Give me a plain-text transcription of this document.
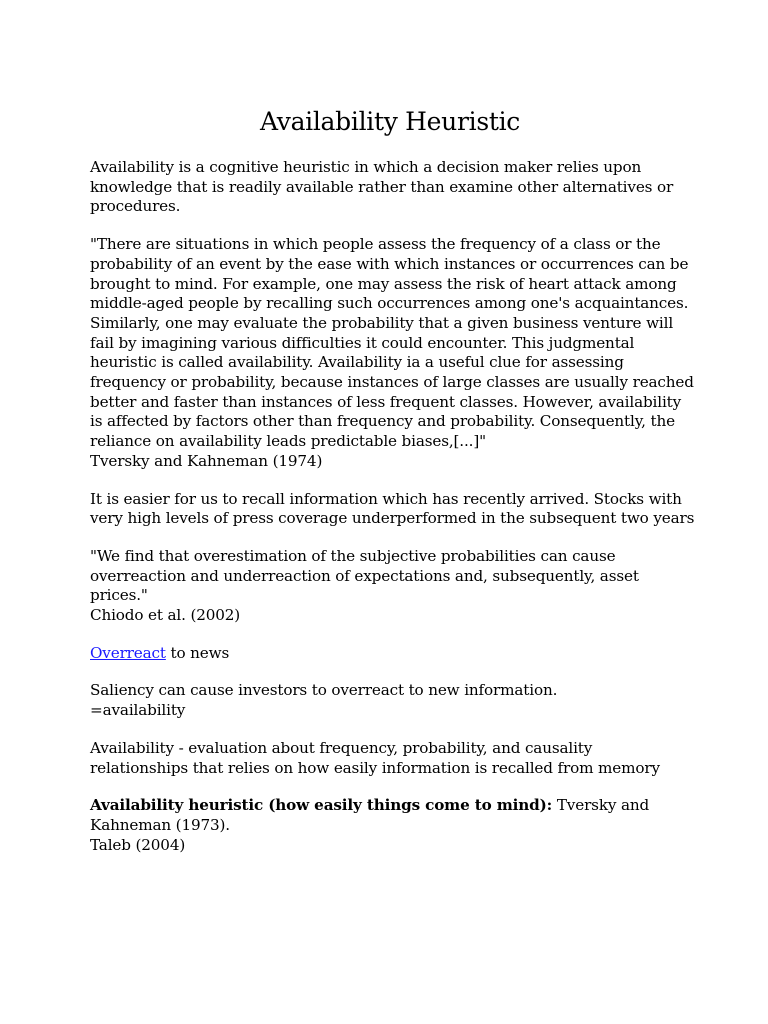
Availability Heuristic

Availability is a cognitive heuristic in which a decision maker relies upon
knowledge that is readily available rather than examine other alternatives or
procedures.

"There are situations in which people assess the frequency of a class or the
probability of an event by the ease with which instances or occurrences can be
brought to mind. For example, one may assess the risk of heart attack among
middle-aged people by recalling such occurrences among one's acquaintances.
Similarly, one may evaluate the probability that a given business venture will
fail by imagining various difficulties it could encounter. This judgmental
heuristic is called availability. Availability ia a useful clue for assessing
frequency or probability, because instances of large classes are usually reached
better and faster than instances of less frequent classes. However, availability
is affected by factors other than frequency and probability. Consequently, the
reliance on availability leads predictable biases,[...]"
Tversky and Kahneman (1974)

It is easier for us to recall information which has recently arrived. Stocks with
very high levels of press coverage underperformed in the subsequent two years

"We find that overestimation of the subjective probabilities can cause
overreaction and underreaction of expectations and, subsequently, asset
prices."
Chiodo et al. (2002)

Overreact to news

Saliency can cause investors to overreact to new information.
=availability

Availability - evaluation about frequency, probability, and causality
relationships that relies on how easily information is recalled from memory

Availability heuristic (how easily things come to mind): Tversky and
Kahneman (1973).
Taleb (2004)
